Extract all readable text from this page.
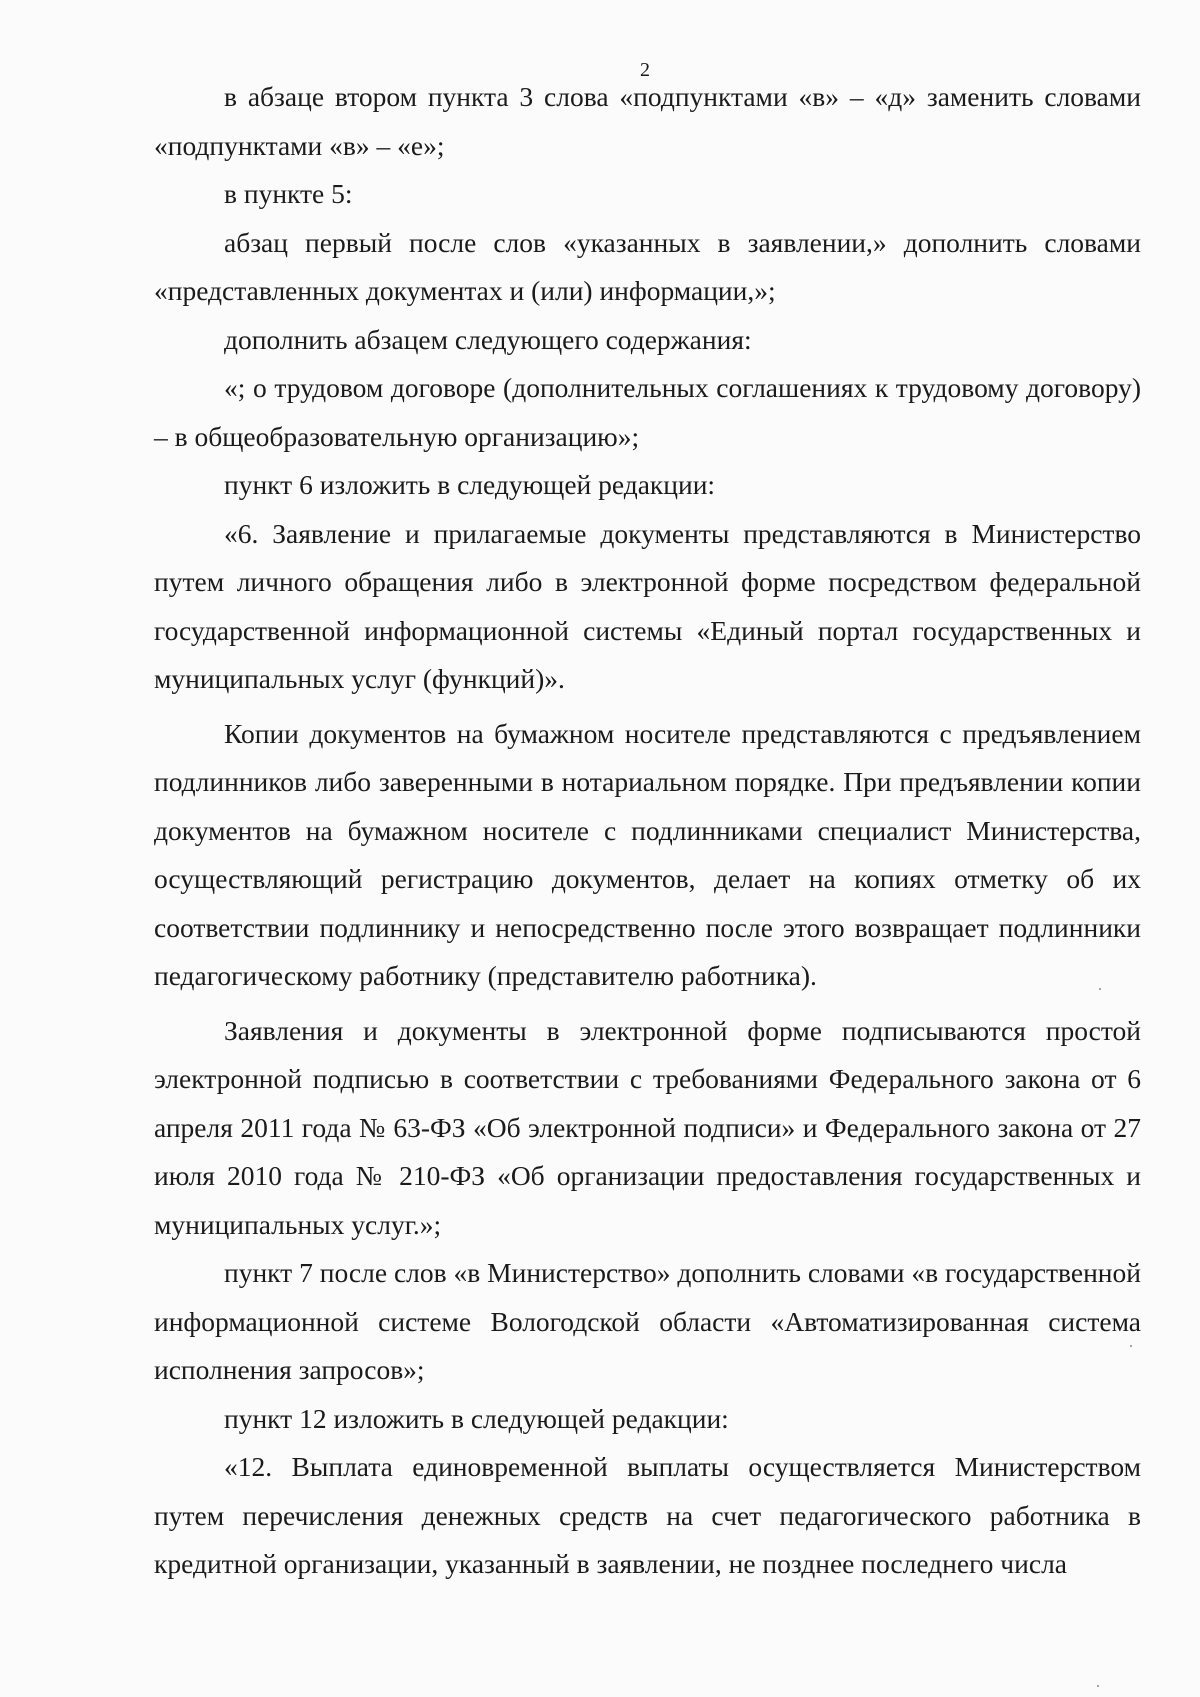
2

в абзаце втором пункта 3 слова «подпунктами «в» – «д» заменить словами «подпунктами «в» – «е»;

в пункте 5:

абзац первый после слов «указанных в заявлении,» дополнить словами «представленных документах и (или) информации,»;

дополнить абзацем следующего содержания:

«; о трудовом договоре (дополнительных соглашениях к трудовому договору) – в общеобразовательную организацию»;

пункт 6 изложить в следующей редакции:

«6. Заявление и прилагаемые документы представляются в Министерство путем личного обращения либо в электронной форме посредством федеральной государственной информационной системы «Единый портал государственных и муниципальных услуг (функций)».

Копии документов на бумажном носителе представляются с предъявлением подлинников либо заверенными в нотариальном порядке. При предъявлении копии документов на бумажном носителе с подлинниками специалист Министерства, осуществляющий регистрацию документов, делает на копиях отметку об их соответствии подлиннику и непосредственно после этого возвращает подлинники педагогическому работнику (представителю работника).

Заявления и документы в электронной форме подписываются простой электронной подписью в соответствии с требованиями Федерального закона от 6 апреля 2011 года № 63-ФЗ «Об электронной подписи» и Федерального закона от 27 июля 2010 года № 210-ФЗ «Об организации предоставления государственных и муниципальных услуг.»;

пункт 7 после слов «в Министерство» дополнить словами «в государственной информационной системе Вологодской области «Автоматизированная система исполнения запросов»;

пункт 12 изложить в следующей редакции:

«12. Выплата единовременной выплаты осуществляется Министерством путем перечисления денежных средств на счет педагогического работника в кредитной организации, указанный в заявлении, не позднее последнего числа
